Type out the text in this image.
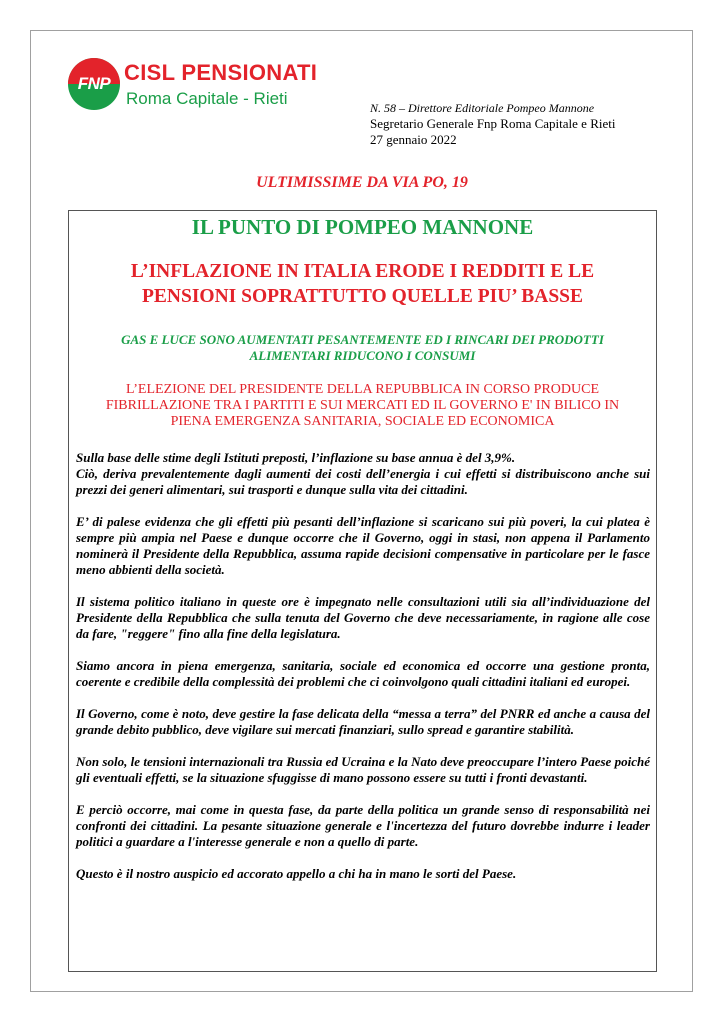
FNP CISL PENSIONATI
Roma Capitale - Rieti	N. 58 – Direttore Editoriale Pompeo Mannone
Segretario Generale Fnp Roma Capitale e Rieti
27 gennaio 2022
ULTIMISSIME DA VIA PO, 19
IL PUNTO DI POMPEO MANNONE
L’INFLAZIONE IN ITALIA ERODE I REDDITI E LE
PENSIONI SOPRATTUTTO QUELLE PIU’ BASSE
GAS E LUCE SONO AUMENTATI PESANTEMENTE ED I RINCARI DEI PRODOTTI
ALIMENTARI RIDUCONO I CONSUMI
L’ELEZIONE DEL PRESIDENTE DELLA REPUBBLICA IN CORSO PRODUCE
FIBRILLAZIONE TRA I PARTITI E SUI MERCATI ED IL GOVERNO E' IN BILICO IN
PIENA EMERGENZA SANITARIA, SOCIALE ED ECONOMICA

Sulla base delle stime degli Istituti preposti, l’inflazione su base annua è del 3,9%.
Ciò, deriva prevalentemente dagli aumenti dei costi dell’energia i cui effetti si distribuiscono anche sui prezzi dei generi alimentari, sui trasporti e dunque sulla vita dei cittadini.

E’ di palese evidenza che gli effetti più pesanti dell’inflazione si scaricano sui più poveri, la cui platea è sempre più ampia nel Paese e dunque occorre che il Governo, oggi in stasi, non appena il Parlamento nominerà il Presidente della Repubblica, assuma rapide decisioni compensative in particolare per le fasce meno abbienti della società.

Il sistema politico italiano in queste ore è impegnato nelle consultazioni utili sia all’individuazione del Presidente della Repubblica che sulla tenuta del Governo che deve necessariamente, in ragione alle cose da fare, "reggere" fino alla fine della legislatura.

Siamo ancora in piena emergenza, sanitaria, sociale ed economica ed occorre una gestione pronta, coerente e credibile della complessità dei problemi che ci coinvolgono quali cittadini italiani ed europei.

Il Governo, come è noto, deve gestire la fase delicata della “messa a terra” del PNRR ed anche a causa del grande debito pubblico, deve vigilare sui mercati finanziari, sullo spread e garantire stabilità.

Non solo, le tensioni internazionali tra Russia ed Ucraina e la Nato deve preoccupare l’intero Paese poiché gli eventuali effetti, se la situazione sfuggisse di mano possono essere su tutti i fronti devastanti.

E perciò occorre, mai come in questa fase, da parte della politica un grande senso di responsabilità nei confronti dei cittadini. La pesante situazione generale e l'incertezza del futuro dovrebbe indurre i leader politici a guardare a l'interesse generale e non a quello di parte.

Questo è il nostro auspicio ed accorato appello a chi ha in mano le sorti del Paese.
